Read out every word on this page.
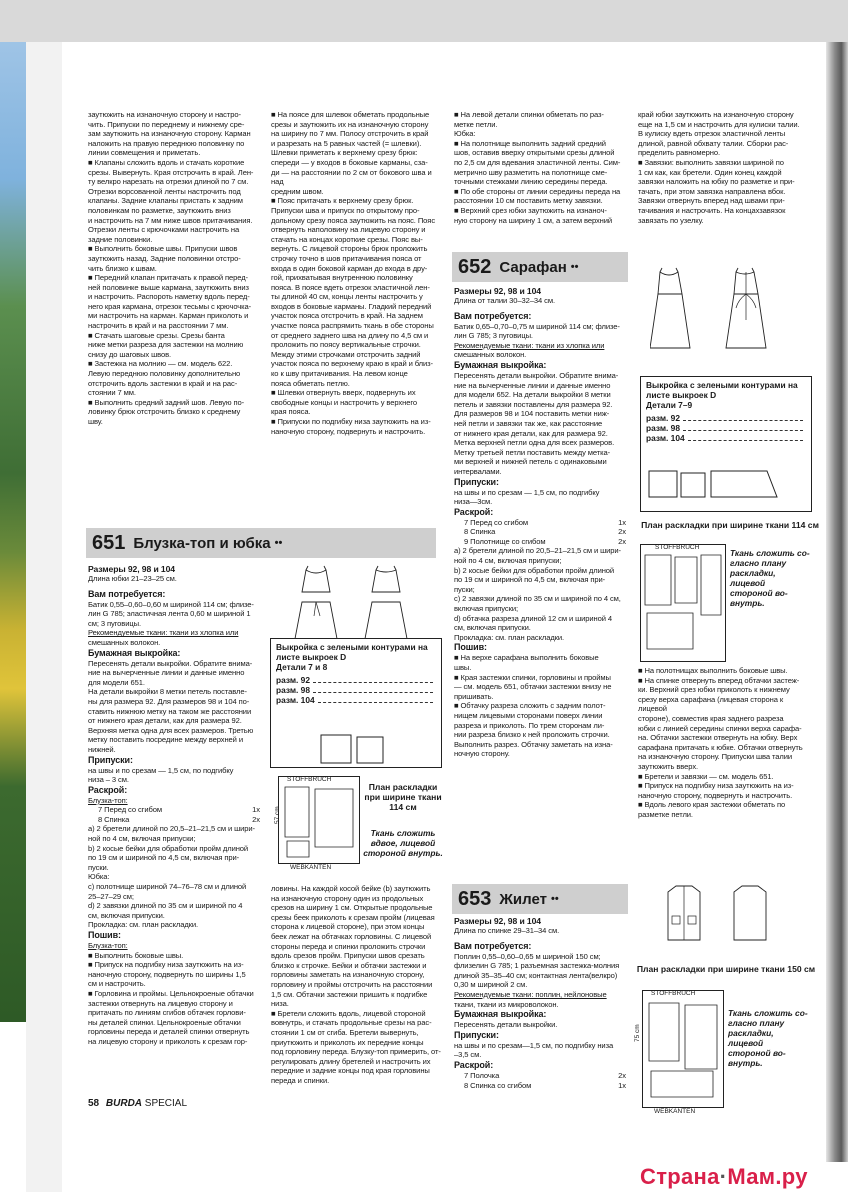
заутюжить на изнаночную сторону и настро-

чить. Припуски по переднему и нижнему сре-

зам заутюжить на изнаночную сторону. Карман

наложить на правую переднюю половинку по

линии совмещения и приметать.

■ Клапаны сложить вдоль и стачать короткие

срезы. Вывернуть. Края отстрочить в край. Лен-

ту велкро нарезать на отрезки длиной по 7 см.

Отрезки ворсованной ленты настрочить под

клапаны. Задние клапаны пристать к задним

половинкам по разметке, заутюжить вниз

и настрочить на 7 мм ниже швов притачивания.

Отрезки ленты с крючочками настрочить на

задние половинки.

■ Выполнить боковые швы. Припуски швов

заутюжить назад. Задние половинки отстро-

чить близко к швам.

■ Передний клапан притачать к правой перед-

ней половинке выше кармана, заутюжить вниз

и настрочить. Распороть наметку вдоль перед-

него края кармана, отрезок тесьмы с крючочка-

ми настрочить на карман. Карман приколоть и

настрочить в край и на расстоянии 7 мм.

■ Стачать шаговые срезы. Срезы банта

ниже метки разреза для застежки на молнию

снизу до шаговых швов.

■ Застежка на молнию — см. модель 622.

Левую переднюю половинку дополнительно

отстрочить вдоль застежки в край и на рас-

стоянии 7 мм.

■ Выполнить средний задний шов. Левую по-

ловинку брюк отстрочить близко к среднему

шву.

■ На поясе для шлевок обметать продольные

срезы и заутюжить их на изнаночную сторону

на ширину по 7 мм. Полосу отстрочить в край

и разрезать на 5 равных частей (= шлевки).

Шлевки приметать к верхнему срезу брюк:

спереди — у входов в боковые карманы, сза-

ди — на расстоянии по 2 см от бокового шва и над

средним швом.

■ Пояс притачать к верхнему срезу брюк.

Припуски шва и припуск по открытому про-

дольному срезу пояса заутюжить на пояс. Пояс

отвернуть наполовину на лицевую сторону и

стачать на концах короткие срезы. Пояс вы-

вернуть. С лицевой стороны брюк проложить

строчку точно в шов притачивания пояса от

входа в один боковой карман до входа в дру-

гой, прихватывая внутреннюю половинку

пояса. В поясе вдеть отрезок эластичной лен-

ты длиной 40 см, концы ленты настрочить у

входов в боковые карманы. Гладкий передний

участок пояса отстрочить в край. На заднем

участке пояса распрямить ткань в обе стороны

от среднего заднего шва на длину по 4,5 см и

проложить по поясу вертикальные строчки.

Между этими строчками отстрочить задний

участок пояса по верхнему краю в край и близ-

ко к шву притачивания. На левом конце

пояса обметать петлю.

■ Шлевки отвернуть вверх, подвернуть их

свободные концы и настрочить у верхнего

края пояса.

■ Припуски по подгибку низа заутюжить на из-

наночную сторону, подвернуть и настрочить.

■ На левой детали спинки обметать по раз-

метке петли.

Юбка:

■ На полотнище выполнить задний средний

шов, оставив вверху открытыми срезы длиной

по 2,5 см для вдевания эластичной ленты. Сим-

метрично шву разметить на полотнище сме-

точными стежками линию середины переда.

■ По обе стороны от линии середины переда на

расстоянии 10 см поставить метку завязки.

■ Верхний срез юбки заутюжить на изнаноч-

ную сторону на ширину 1 см, а затем верхний

край юбки заутюжить на изнаночную сторону

еще на 1,5 см и настрочить для кулиски талии.

В кулиску вдеть отрезок эластичной ленты

длиной, равной обхвату талии. Сборки рас-

пределить равномерно.

■ Завязки: выполнить завязки шириной по

1 см как, как бретели. Один конец каждой

завязки наложить на юбку по разметке и при-

тачать, при этом завязка направлена вбок.

Завязки отвернуть вперед над швами при-

тачивания и настрочить. На концахзавязок

завязать по узелку.

652 Сарафан ••

Размеры 92, 98 и 104

Длина от талии 30–32–34 см.

Вам потребуется:

Батик 0,65–0,70–0,75 м шириной 114 см; флизе-

лин G 785; 3 пуговицы.

Рекомендуемые ткани: ткани из хлопка или

смешанных волокон.

Бумажная выкройка:

Пересенять детали выкройки. Обратите внима-

ние на вычерченные линии и данные именно

для модели 652. На детали выкройки 8 метки

петель и завязки поставлены для размера 92.

Для размеров 98 и 104 поставить метки ниж-

ней петли и завязки так же, как расстояние

от нижнего края детали, как для размера 92.

Метка верхней петли одна для всех размеров.

Метку третьей петли поставить между метка-

ми верхней и нижней петель с одинаковыми

интервалами.

Припуски:

на швы и по срезам — 1,5 см, по подгибку

низа—3см.

Раскрой:

7 Перед со сгибом	1x
8 Спинка	2x
9 Полотнище со сгибом	2x

а) 2 бретели длиной по 20,5–21–21,5 см и шири-

ной по 4 см, включая припуски;

b) 2 косые бейки для обработки пройм длиной

по 19 см и шириной по 4,5 см, включая при-

пуски;

с) 2 завязки длиной по 35 см и шириной по 4 см,

включая припуски;

d) обтачка разреза длиной 12 см и шириной 4

см, включая припуски.

Прокладка: см. план раскладки.

Пошив:

■ На верхе сарафана выполнить боковые

швы.

■ Края застежки спинки, горловины и проймы

— см. модель 651, обтачки застежки внизу не

пришивать.

■ Обтачку разреза сложить с задним полот-

нищем лицевыми сторонами поверх линии

разреза и приколоть. По трем сторонам ли-

нии разреза близко к ней проложить строчки.

Выполнить разрез. Обтачку заметать на изна-

ночную сторону.

Выкройка с зелеными контурами на листе выкроек D
Детали 7–9
разм. 92
разм. 98
разм. 104
План раскладки при ширине ткани 114 см
STOFFBRUCH
Ткань сложить со-гласно плану раскладки, лицевой стороной во-внутрь.

■ На полотнищах выполнить боковые швы.

■ На спинке отвернуть вперед обтачки застеж-

ки. Верхний срез юбки приколоть к нижнему

срезу верха сарафана (лицевая сторона к лицевой

стороне), совместив края заднего разреза

юбки с линией середины спинки верха сарафа-

на. Обтачки застежки отвернуть на юбку. Верх

сарафана притачать к юбке. Обтачки отвернуть

на изнаночную сторону. Припуски шва талии

заутюжить вверх.

■ Бретели и завязки — см. модель 651.

■ Припуск на подгибку низа заутюжить на из-

наночную сторону, подвернуть и настрочить.

■ Вдоль левого края застежки обметать по

разметке петли.

651 Блузка-топ и юбка ••

Размеры 92, 98 и 104

Длина юбки 21–23–25 см.

Вам потребуется:

Батик 0,55–0,60–0,60 м шириной 114 см; флизе-

лин G 785; эластичная лента 0,60 м шириной 1

см; 3 пуговицы.

Рекомендуемые ткани: ткани из хлопка или

смешанных волокон.

Бумажная выкройка:

Пересенять детали выкройки. Обратите внима-

ние на вычерченные линии и данные именно

для модели 651.

На детали выкройки 8 метки петель поставле-

ны для размера 92. Для размеров 98 и 104 по-

ставить нижнюю метку на таком же расстоянии

от нижнего края детали, как для размера 92.

Верхняя метка одна для всех размеров. Третью

метку поставить посредине между верхней и

нижней.

Припуски:

на швы и по срезам — 1,5 см, по подгибку

низа – 3 см.

Раскрой:

Блузка-топ:

7 Перед со сгибом	1x
8 Спинка	2x

а) 2 бретели длиной по 20,5–21–21,5 см и шири-

ной по 4 см, включая припуски;

b) 2 косые бейки для обработки пройм длиной

по 19 см и шириной по 4,5 см, включая при-

пуски.

Юбка:

с) полотнище шириной 74–76–78 см и длиной

25–27–29 см;

d) 2 завязки длиной по 35 см и шириной по 4

см, включая припуски.

Прокладка: см. план раскладки.

Пошив:

Блузка-топ:

■ Выполнить боковые швы.

■ Припуск на подгибку низа заутюжить на из-

наночную сторону, подвернуть по ширины 1,5

см и настрочить.

■ Горловина и проймы. Цельнокроеные обтачки

застежки отвернуть на лицевую сторону и

притачать по линиям сгибов обтачек горлови-

ны деталей спинки. Цельнокроеные обтачки

горловины переда и деталей спинки отвернуть

на лицевую сторону и приколоть к срезам гор-

Выкройка с зелеными контурами на листе выкроек D
Детали 7 и 8
разм. 92
разм. 98
разм. 104
STOFFBRUCH
57 cm
WEBKANTEN
План раскладки при ширине ткани 114 см
Ткань сложить вдвое, лицевой стороной внутрь.

ловины. На каждой косой бейке (b) заутюжить

на изнаночную сторону один из продольных

срезов на ширину 1 см. Открытые продольные

срезы беек приколоть к срезам пройм (лицевая

сторона к лицевой стороне), при этом концы

беек лежат на обтачках горловины. С лицевой

стороны переда и спинки проложить строчки

вдоль срезов пройм. Припуски швов срезать

близко к строчке. Бейки и обтачки застежки и

горловины заметать на изнаночную сторону,

горловину и проймы отстрочить на расстоянии

1,5 см. Обтачки застежки пришить к подгибке

низа.

■ Бретели сложить вдоль, лицевой стороной

вовнутрь, и стачать продольные срезы на рас-

стоянии 1 см от сгиба. Бретели вывернуть,

приутюжить и приколоть их передние концы

под горловину переда. Блузку-топ примерить, от-

регулировать длину бретелей и настрочить их

передние и задние концы под края горловины

переда и спинки.

653 Жилет ••

Размеры 92, 98 и 104

Длина по спинке 29–31–34 см.

Вам потребуется:

Поплин 0,55–0,60–0,65 м шириной 150 см;

флизелин G 785; 1 разъемная застежка-молния

длиной 35–35–40 см; контактная лента(велкро)

0,30 м шириной 2 см.

Рекомендуемые ткани: поплин, нейлоновые

ткани, ткани из микроволокон.

Бумажная выкройка:

Пересенять детали выкройки.

Припуски:

на швы и по срезам—1,5 см, по подгибку низа

–3,5 см.

Раскрой:

7 Полочка	2x
8 Спинка со сгибом	1x
План раскладки при ширине ткани 150 см
STOFFBRUCH
75 cm
WEBKANTEN
Ткань сложить со-гласно плану раскладки, лицевой стороной во-внутрь.
58 BURDA SPECIAL
Страна·Мам.ру
